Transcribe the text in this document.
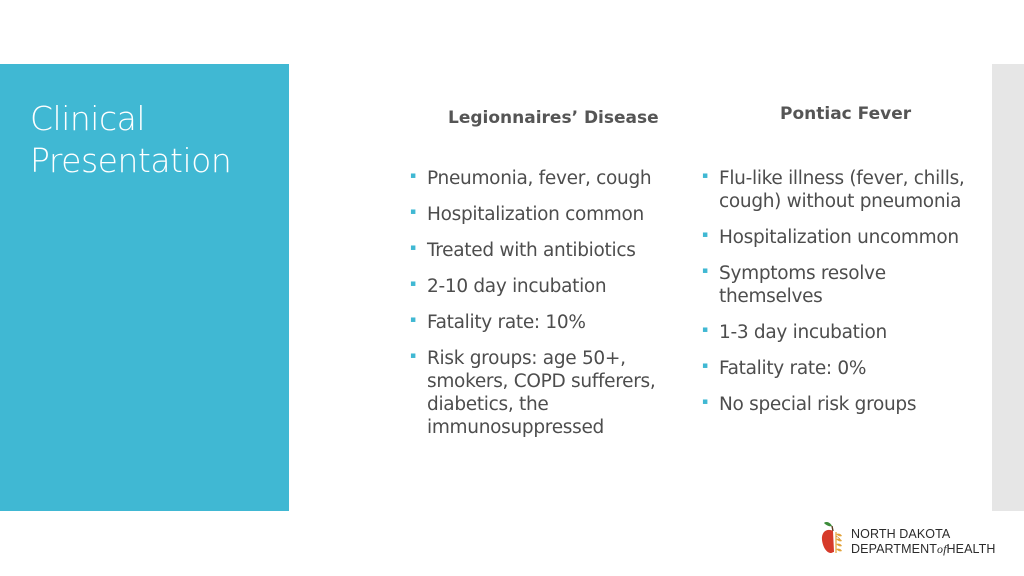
Clinical Presentation
Legionnaires’ Disease	Pontiac Fever
▪ Pneumonia, fever, cough
▪ Hospitalization common
▪ Treated with antibiotics
▪ 2-10 day incubation
▪ Fatality rate: 10%
▪ Risk groups: age 50+, smokers, COPD sufferers, diabetics, the immunosuppressed
▪ Flu-like illness (fever, chills, cough) without pneumonia
▪ Hospitalization uncommon
▪ Symptoms resolve themselves
▪ 1-3 day incubation
▪ Fatality rate: 0%
▪ No special risk groups
NORTH DAKOTA
DEPARTMENTofHEALTH
